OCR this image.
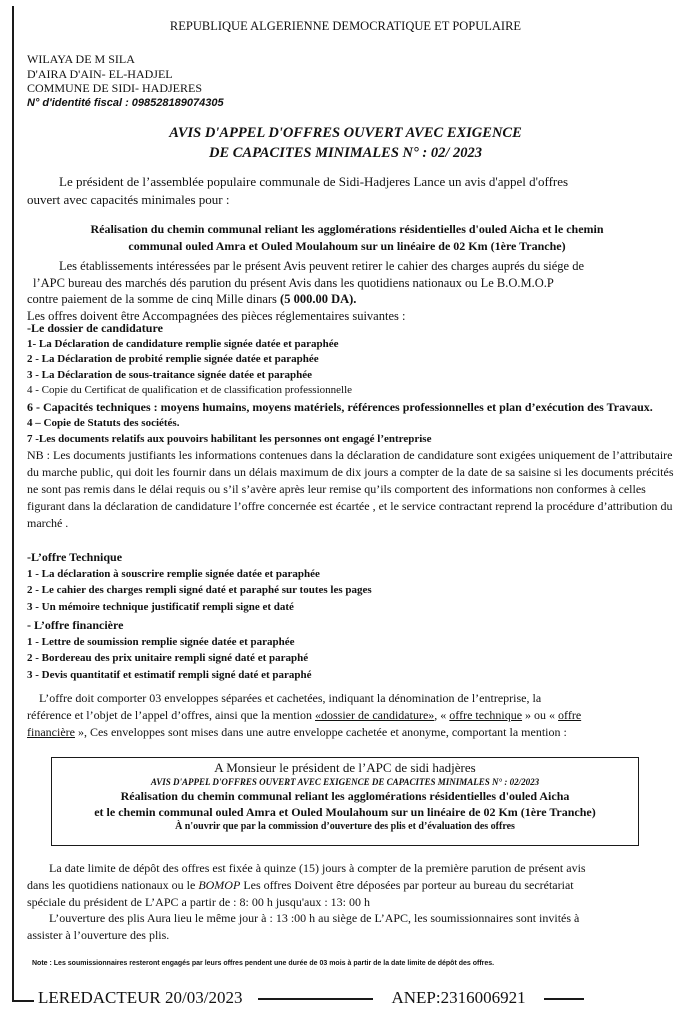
REPUBLIQUE ALGERIENNE DEMOCRATIQUE ET POPULAIRE
WILAYA DE M SILA
D'AIRA D'AIN- EL-HADJEL
COMMUNE DE SIDI- HADJERES
N° d'identité fiscal : 098528189074305
AVIS D'APPEL D'OFFRES OUVERT AVEC EXIGENCE
DE CAPACITES MINIMALES N° : 02/ 2023
Le président de l’assemblée populaire communale de Sidi-Hadjeres Lance un avis d'appel d'offres
ouvert avec capacités minimales pour :
Réalisation du chemin communal reliant les agglomérations résidentielles d'ouled Aicha et le chemin
communal ouled Amra et Ouled Moulahoum sur un linéaire de 02 Km (1ère Tranche)
Les établissements intéressées par le présent Avis peuvent retirer le cahier des charges auprés du siége de
l’APC bureau des marchés dés parution du présent Avis dans les quotidiens nationaux ou Le B.O.M.O.P
contre paiement de la somme de cinq Mille dinars (5 000.00 DA).
Les offres doivent être Accompagnées des pièces réglementaires suivantes :
-Le dossier de candidature
1- La Déclaration de candidature remplie signée datée et paraphée
2 - La Déclaration de probité remplie signée datée et paraphée
3 - La Déclaration de sous-traitance signée datée et paraphée
4 - Copie du Certificat de qualification et de classification professionnelle
6 - Capacités techniques : moyens humains, moyens matériels, références professionnelles et plan d’exécution des Travaux.
4 – Copie de Statuts des sociétés.
7 -Les documents relatifs aux pouvoirs habilitant les personnes ont engagé l’entreprise
NB : Les documents justifiants les informations contenues dans la déclaration de candidature sont exigées uniquement de l’attributaire du marche public, qui doit les fournir dans un délais maximum de dix jours a compter de la date de sa saisine si les documents précités ne sont pas remis dans le délai requis ou s’il s’avère après leur remise qu’ils comportent des informations non conformes à celles figurant dans la déclaration de candidature l’offre concernée est écartée , et le service contractant reprend la procédure d’attribution du marché .
-L’offre Technique
1 - La déclaration à souscrire remplie signée datée et paraphée
2 - Le cahier des charges rempli signé daté et paraphé sur toutes les pages
3 - Un mémoire technique justificatif rempli signe et daté
- L’offre financière
1 - Lettre de soumission remplie signée datée et paraphée
2 - Bordereau des prix unitaire rempli signé daté et paraphé
3 - Devis quantitatif et estimatif rempli signé daté et paraphé
L’offre doit comporter 03 enveloppes séparées et cachetées, indiquant la dénomination de l’entreprise, la
référence et l’objet de l’appel d’offres, ainsi que la mention «dossier de candidature», « offre technique » ou « offre
financière », Ces enveloppes sont mises dans une autre enveloppe cachetée et anonyme, comportant la mention :
A Monsieur le président de l’APC de sidi hadjères
AVIS D'APPEL D'OFFRES OUVERT AVEC EXIGENCE DE CAPACITES MINIMALES N° : 02/2023
Réalisation du chemin communal reliant les agglomérations résidentielles d'ouled Aicha
et le chemin communal ouled Amra et Ouled Moulahoum sur un linéaire de 02 Km (1ère Tranche)
À n'ouvrir que par la commission d’ouverture des plis et d’évaluation des offres
La date limite de dépôt des offres est fixée à quinze (15) jours à compter de la première parution de présent avis
dans les quotidiens nationaux ou le BOMOP Les offres Doivent être déposées par porteur au bureau du secrétariat
spéciale du président de L’APC a partir de : 8: 00 h jusqu'aux : 13: 00 h
L’ouverture des plis Aura lieu le même jour à : 13 :00 h au siège de L’APC, les soumissionnaires sont invités à
assister à l’ouverture des plis.
Note : Les soumissionnaires resteront engagés par leurs offres pendent une durée de 03 mois à partir de la date limite de dépôt des offres.
LEREDACTEUR 20/03/2023	ANEP:2316006921
